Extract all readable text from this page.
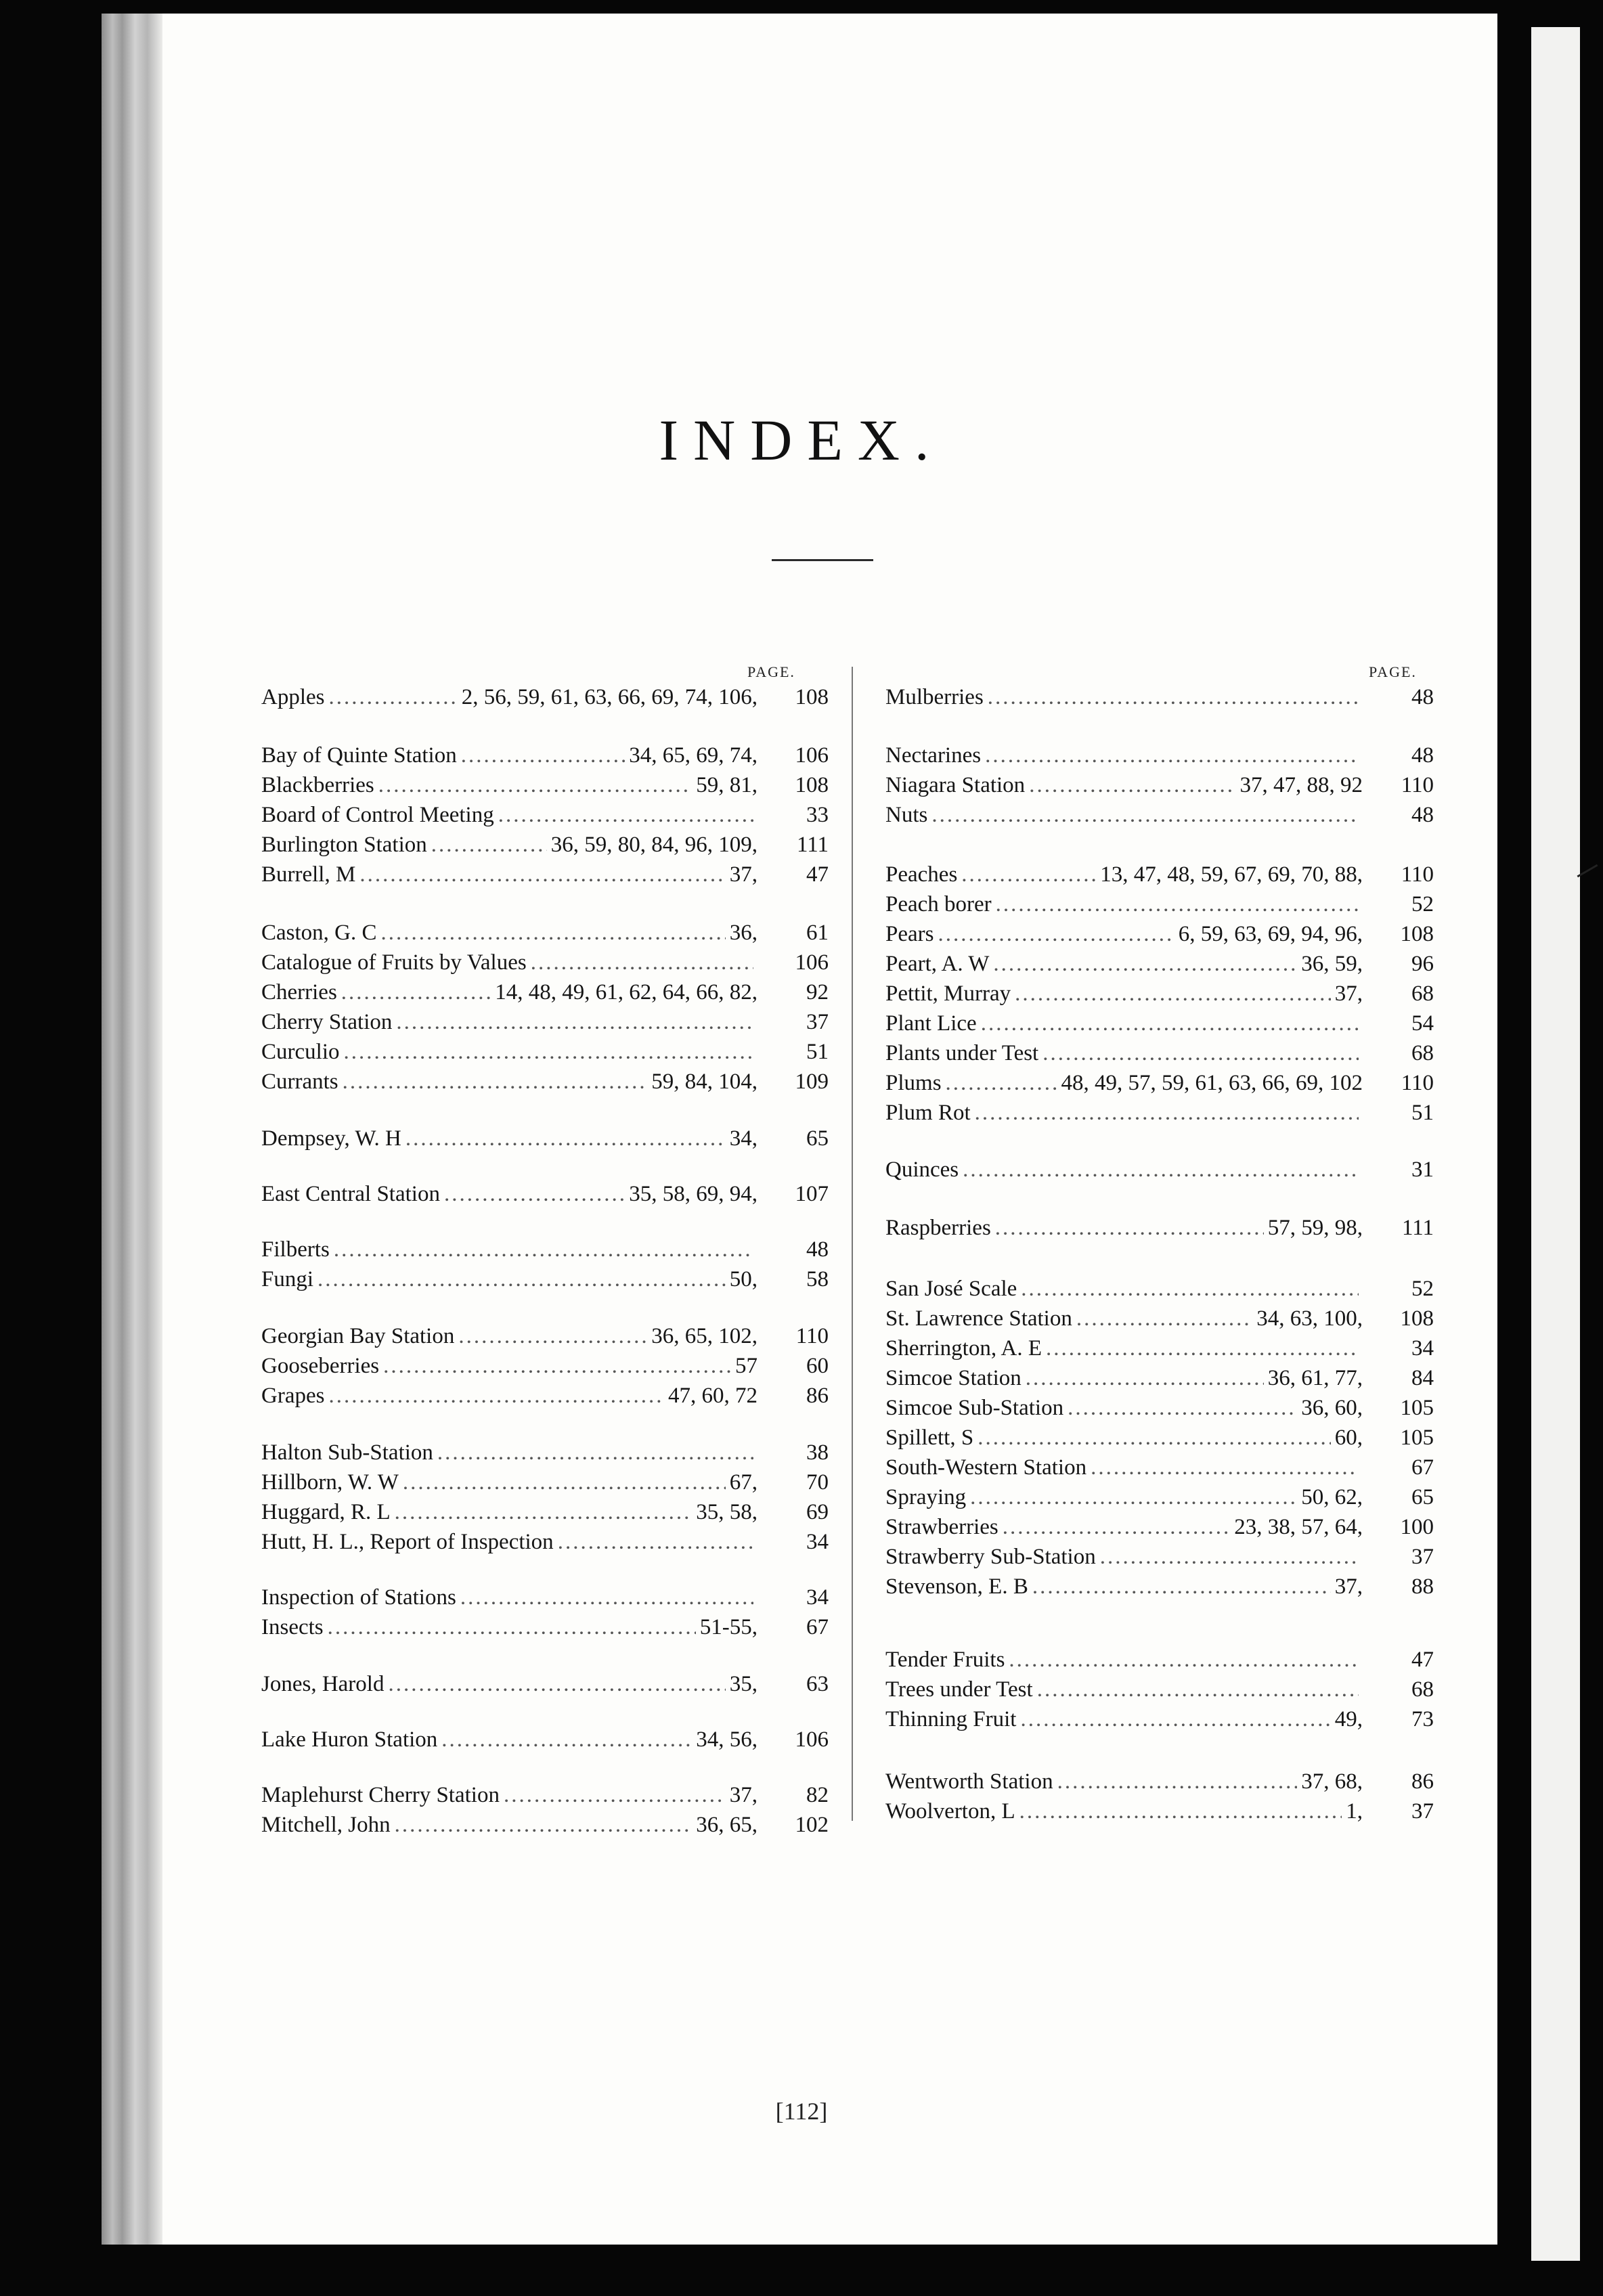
INDEX.
PAGE.	PAGE.
Apples .....	2, 56, 59, 61, 63, 66, 69, 74, 106,	108
Bay of Quinte Station .....	34, 65, 69, 74,	106
Blackberries .....	59, 81,	108
Board of Control Meeting .....	33
Burlington Station .....	36, 59, 80, 84, 96, 109,	111
Burrell, M .....	37,	47
Caston, G. C .....	36,	61
Catalogue of Fruits by Values .....	106
Cherries .....	14, 48, 49, 61, 62, 64, 66, 82,	92
Cherry Station .....	37
Curculio .....	51
Currants .....	59, 84, 104,	109
Dempsey, W. H .....	34,	65
East Central Station .....	35, 58, 69, 94,	107
Filberts .....	48
Fungi .....	50,	58
Georgian Bay Station .....	36, 65, 102,	110
Gooseberries .....	57	60
Grapes .....	47, 60, 72	86
Halton Sub-Station .....	38
Hillborn, W. W .....	67,	70
Huggard, R. L .....	35, 58,	69
Hutt, H. L., Report of Inspection .....	34
Inspection of Stations .....	34
Insects .....	51-55,	67
Jones, Harold .....	35,	63
Lake Huron Station .....	34, 56,	106
Maplehurst Cherry Station .....	37,	82
Mitchell, John .....	36, 65,	102
Mulberries .....	48
Nectarines .....	48
Niagara Station .....	37, 47, 88, 92	110
Nuts .....	48
Peaches .....	13, 47, 48, 59, 67, 69, 70, 88,	110
Peach borer .....	52
Pears .....	6, 59, 63, 69, 94, 96,	108
Peart, A. W .....	36, 59,	96
Pettit, Murray .....	37,	68
Plant Lice .....	54
Plants under Test .....	68
Plums .....	48, 49, 57, 59, 61, 63, 66, 69, 102	110
Plum Rot .....	51
Quinces .....	31
Raspberries .....	57, 59, 98,	111
San José Scale .....	52
St. Lawrence Station .....	34, 63, 100,	108
Sherrington, A. E .....	34
Simcoe Station .....	36, 61, 77,	84
Simcoe Sub-Station .....	36, 60,	105
Spillett, S .....	60,	105
South-Western Station .....	67
Spraying .....	50, 62,	65
Strawberries .....	23, 38, 57, 64,	100
Strawberry Sub-Station .....	37
Stevenson, E. B .....	37,	88
Tender Fruits .....	47
Trees under Test .....	68
Thinning Fruit .....	49,	73
Wentworth Station .....	37, 68,	86
Woolverton, L .....	1,	37
[112]
